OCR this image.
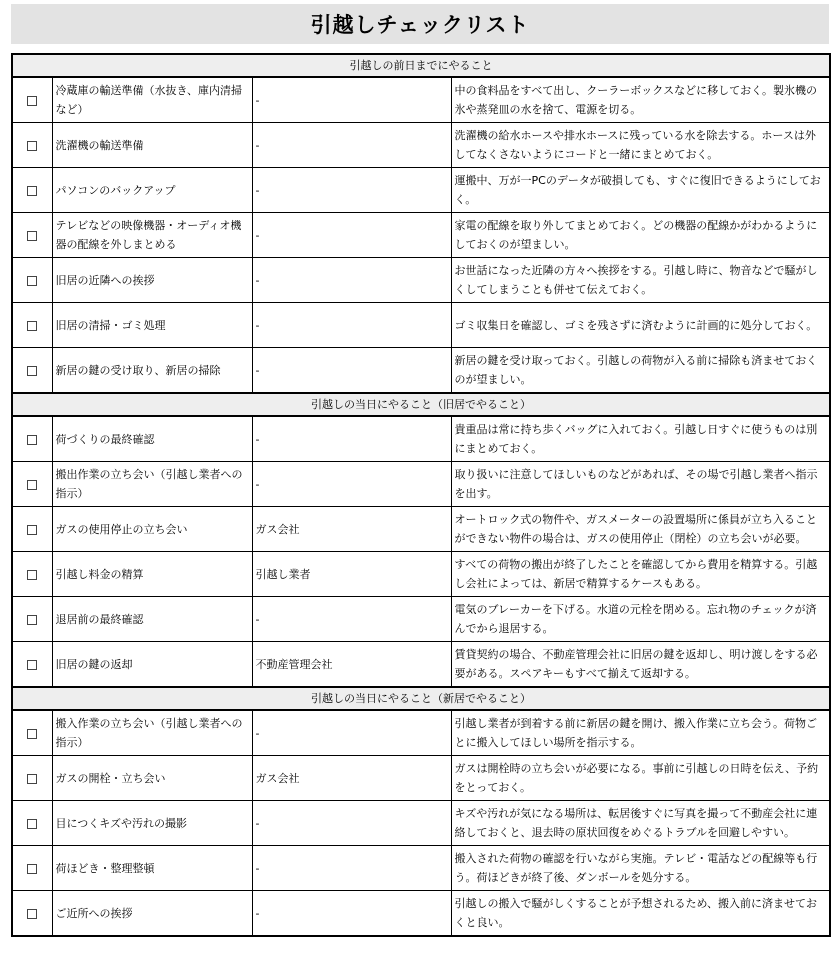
引越しチェックリスト
引越しの前日までにやること			
	冷蔵庫の輸送準備（水抜き、庫内清掃など）	-	中の食料品をすべて出し、クーラーボックスなどに移しておく。製氷機の氷や蒸発皿の水を捨て、電源を切る。
	洗濯機の輸送準備	-	洗濯機の給水ホースや排水ホースに残っている水を除去する。ホースは外してなくさないようにコードと一緒にまとめておく。
	パソコンのバックアップ	-	運搬中、万が一PCのデータが破損しても、すぐに復旧できるようにしておく。
	テレビなどの映像機器・オーディオ機器の配線を外しまとめる	-	家電の配線を取り外してまとめておく。どの機器の配線かがわかるようにしておくのが望ましい。
	旧居の近隣への挨拶	-	お世話になった近隣の方々へ挨拶をする。引越し時に、物音などで騒がしくしてしまうことも併せて伝えておく。
	旧居の清掃・ゴミ処理	-	ゴミ収集日を確認し、ゴミを残さずに済むように計画的に処分しておく。
	新居の鍵の受け取り、新居の掃除	-	新居の鍵を受け取っておく。引越しの荷物が入る前に掃除も済ませておくのが望ましい。
引越しの当日にやること（旧居でやること）			
	荷づくりの最終確認	-	貴重品は常に持ち歩くバッグに入れておく。引越し日すぐに使うものは別にまとめておく。
	搬出作業の立ち会い（引越し業者への指示）	-	取り扱いに注意してほしいものなどがあれば、その場で引越し業者へ指示を出す。
	ガスの使用停止の立ち会い	ガス会社	オートロック式の物件や、ガスメーターの設置場所に係員が立ち入ることができない物件の場合は、ガスの使用停止（閉栓）の立ち会いが必要。
	引越し料金の精算	引越し業者	すべての荷物の搬出が終了したことを確認してから費用を精算する。引越し会社によっては、新居で精算するケースもある。
	退居前の最終確認	-	電気のブレーカーを下げる。水道の元栓を閉める。忘れ物のチェックが済んでから退居する。
	旧居の鍵の返却	不動産管理会社	賃貸契約の場合、不動産管理会社に旧居の鍵を返却し、明け渡しをする必要がある。スペアキーもすべて揃えて返却する。
引越しの当日にやること（新居でやること）			
	搬入作業の立ち会い（引越し業者への指示）	-	引越し業者が到着する前に新居の鍵を開け、搬入作業に立ち会う。荷物ごとに搬入してほしい場所を指示する。
	ガスの開栓・立ち会い	ガス会社	ガスは開栓時の立ち会いが必要になる。事前に引越しの日時を伝え、予約をとっておく。
	目につくキズや汚れの撮影	-	キズや汚れが気になる場所は、転居後すぐに写真を撮って不動産会社に連絡しておくと、退去時の原状回復をめぐるトラブルを回避しやすい。
	荷ほどき・整理整頓	-	搬入された荷物の確認を行いながら実施。テレビ・電話などの配線等も行う。荷ほどきが終了後、ダンボールを処分する。
	ご近所への挨拶	-	引越しの搬入で騒がしくすることが予想されるため、搬入前に済ませておくと良い。
